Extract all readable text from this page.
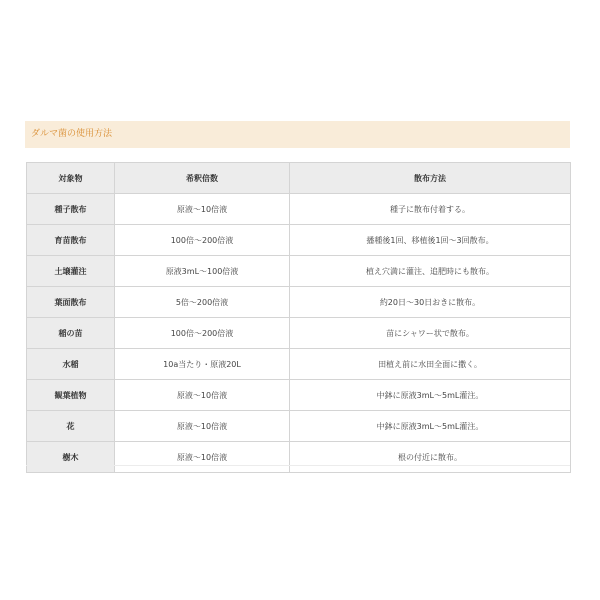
ダルマ菌の使用方法
対象物	希釈倍数	散布方法
種子散布	原液～10倍液	種子に散布付着する。
育苗散布	100倍～200倍液	播種後1回、移植後1回～3回散布。
土壌灌注	原液3mL～100倍液	植え穴満に灌注、追肥時にも散布。
葉面散布	5倍～200倍液	約20日～30日おきに散布。
稲の苗	100倍～200倍液	苗にシャワー状で散布。
水稲	10a当たり・原液20L	田植え前に水田全面に撒く。
観葉植物	原液～10倍液	中鉢に原液3mL～5mL灌注。
花	原液～10倍液	中鉢に原液3mL～5mL灌注。
樹木	原液～10倍液	根の付近に散布。
